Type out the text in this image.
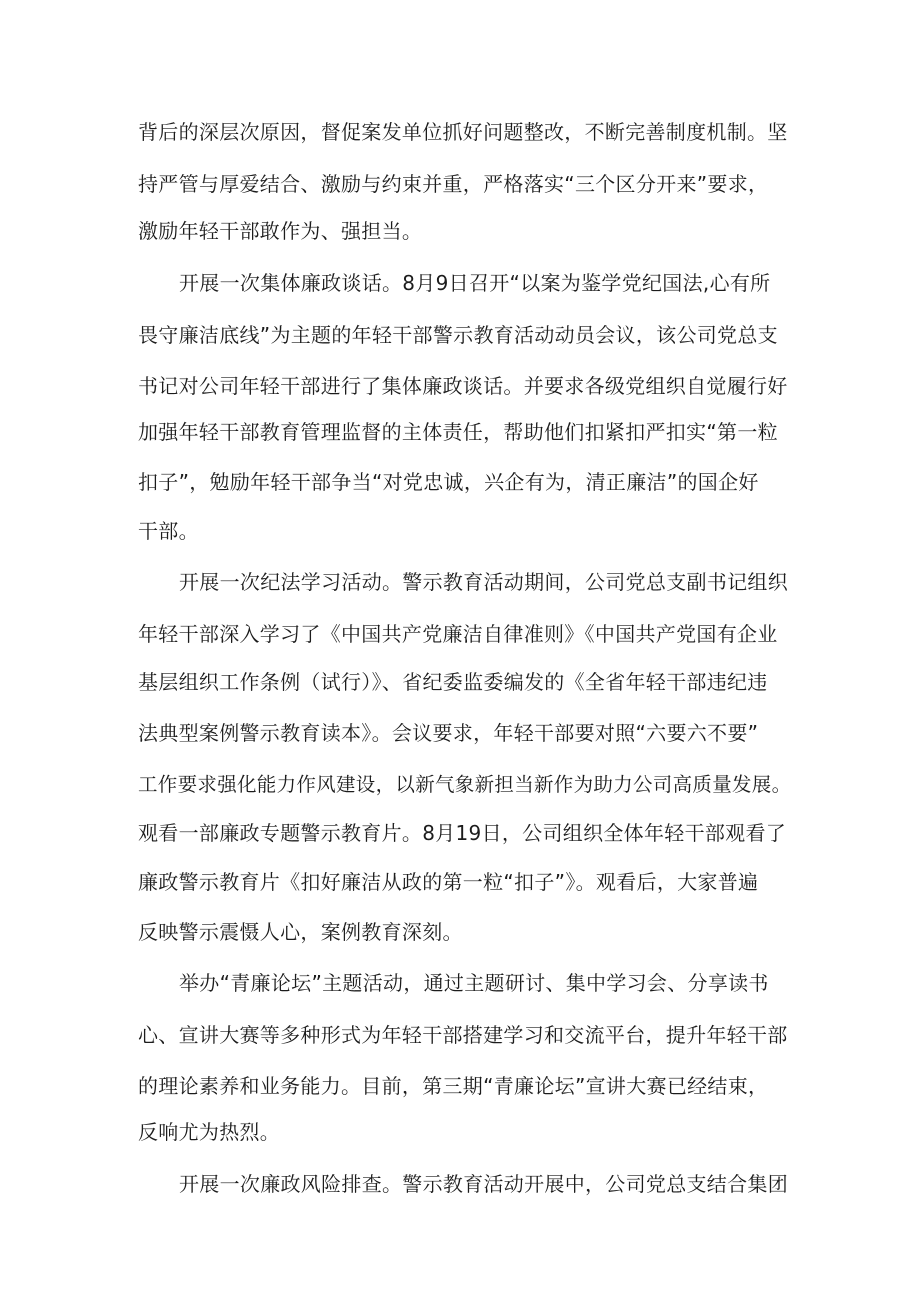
背后的深层次原因，督促案发单位抓好问题整改，不断完善制度机制。坚
持严管与厚爱结合、激励与约束并重，严格落实“三个区分开来”要求，
激励年轻干部敢作为、强担当。
开展一次集体廉政谈话。8月9日召开“以案为鉴学党纪国法,心有所
畏守廉洁底线”为主题的年轻干部警示教育活动动员会议，该公司党总支
书记对公司年轻干部进行了集体廉政谈话。并要求各级党组织自觉履行好
加强年轻干部教育管理监督的主体责任，帮助他们扣紧扣严扣实“第一粒
扣子”，勉励年轻干部争当“对党忠诚，兴企有为，清正廉洁”的国企好
干部。
开展一次纪法学习活动。警示教育活动期间，公司党总支副书记组织
年轻干部深入学习了《中国共产党廉洁自律准则》《中国共产党国有企业
基层组织工作条例（试行）》、省纪委监委编发的《全省年轻干部违纪违
法典型案例警示教育读本》。会议要求，年轻干部要对照“六要六不要”
工作要求强化能力作风建设，以新气象新担当新作为助力公司高质量发展。
观看一部廉政专题警示教育片。8月19日，公司组织全体年轻干部观看了
廉政警示教育片《扣好廉洁从政的第一粒“扣子”》。观看后，大家普遍
反映警示震慑人心，案例教育深刻。
举办“青廉论坛”主题活动，通过主题研讨、集中学习会、分享读书
心、宣讲大赛等多种形式为年轻干部搭建学习和交流平台，提升年轻干部
的理论素养和业务能力。目前，第三期“青廉论坛”宣讲大赛已经结束，
反响尤为热烈。
开展一次廉政风险排查。警示教育活动开展中，公司党总支结合集团
